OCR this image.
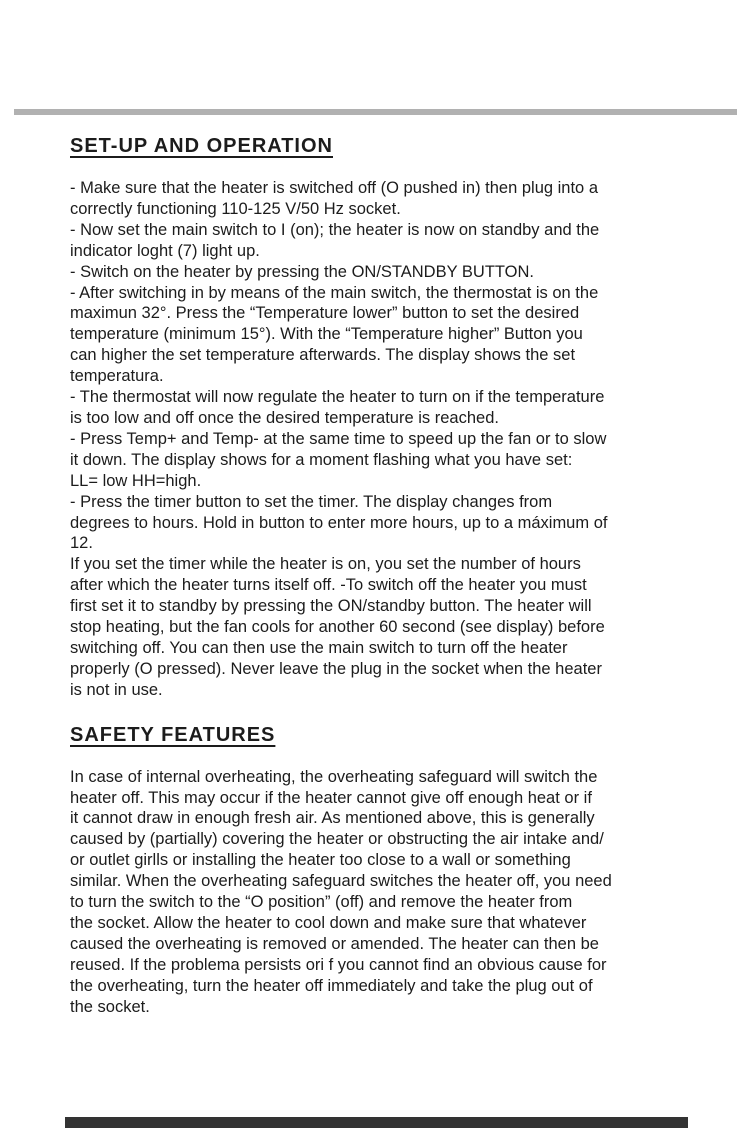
SET-UP AND OPERATION
- Make sure that the heater is switched off (O pushed in) then plug into a
correctly functioning 110-125 V/50 Hz socket.
- Now set the main switch to I (on); the heater is now on standby and the
indicator loght (7) light up.
- Switch on the heater by pressing the ON/STANDBY BUTTON.
- After switching in by means of the main switch, the thermostat is on the
maximun 32°. Press the “Temperature lower” button to set the desired
temperature (minimum 15°). With the “Temperature higher” Button you
can higher the set temperature afterwards. The display shows the set
temperatura.
- The thermostat will now regulate the heater to turn on if the temperature
is too low and off once the desired temperature is reached.
- Press Temp+ and Temp- at the same time to speed up the fan or to slow
it down. The display shows for a moment flashing what you have set:
LL= low HH=high.
- Press the timer button to set the timer. The display changes from
degrees to hours. Hold in button to enter more hours, up to a máximum of
12.
If you set the timer while the heater is on, you set the number of hours
after which the heater turns itself off. -To switch off the heater you must
first set it to standby by pressing the ON/standby button. The heater will
stop heating, but the fan cools for another 60 second (see display) before
switching off. You can then use the main switch to turn off the heater
properly (O pressed). Never leave the plug in the socket when the heater
is not in use.
SAFETY FEATURES
In case of internal overheating, the overheating safeguard will switch the
heater off. This may occur if the heater cannot give off enough heat or if
it cannot draw in enough fresh air. As mentioned above, this is generally
caused by (partially) covering the heater or obstructing the air intake and/
or outlet girlls or installing the heater too close to a wall or something
similar. When the overheating safeguard switches the heater off, you need
to turn the switch to the “O position” (off) and remove the heater from
the socket. Allow the heater to cool down and make sure that whatever
caused the overheating is removed or amended. The heater can then be
reused. If the problema persists ori f you cannot find an obvious cause for
the overheating, turn the heater off immediately and take the plug out of
the socket.
